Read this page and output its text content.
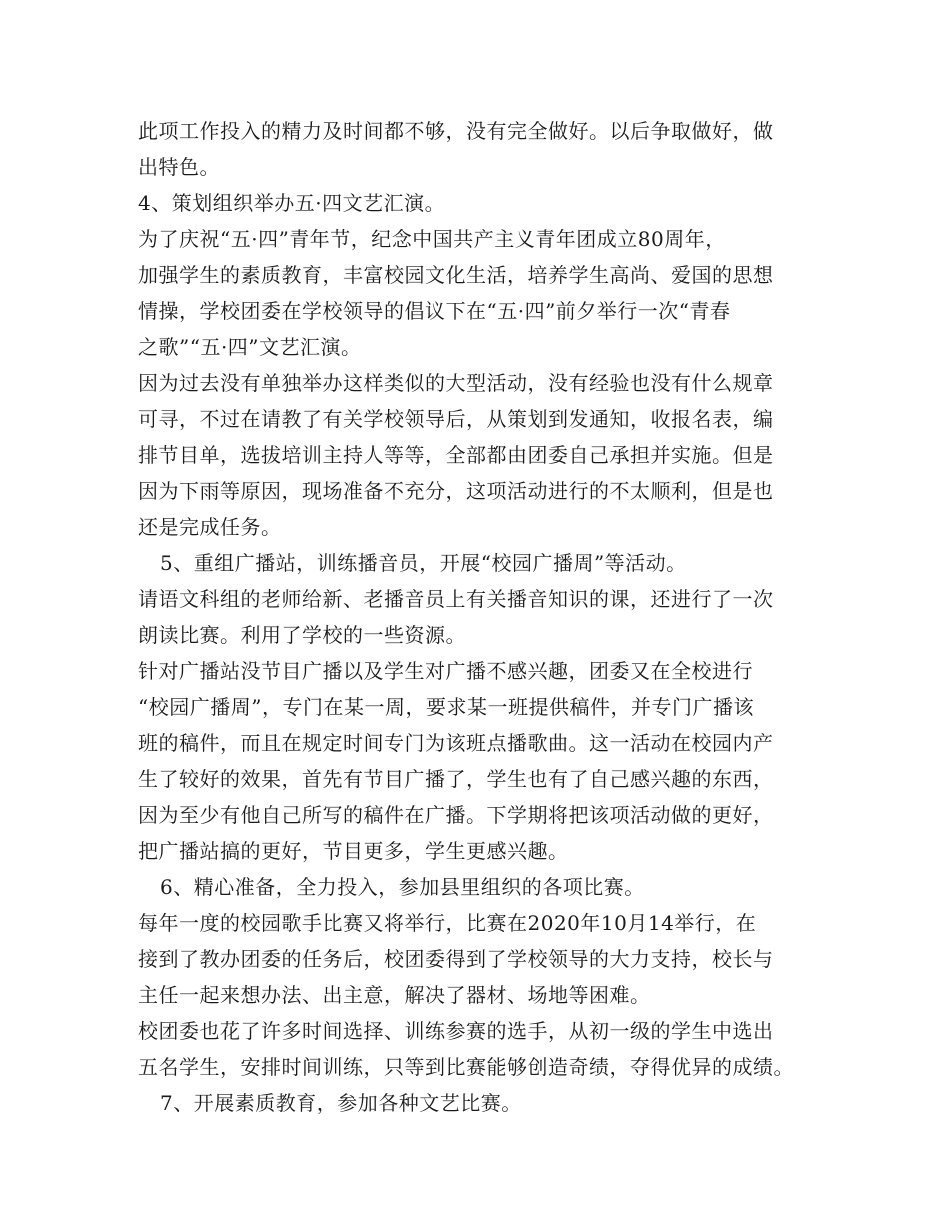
此项工作投入的精力及时间都不够，没有完全做好。以后争取做好，做
出特色。
4、策划组织举办五·四文艺汇演。
为了庆祝“五·四”青年节，纪念中国共产主义青年团成立80周年，
加强学生的素质教育，丰富校园文化生活，培养学生高尚、爱国的思想
情操，学校团委在学校领导的倡议下在“五·四”前夕举行一次“青春
之歌”“五·四”文艺汇演。
因为过去没有单独举办这样类似的大型活动，没有经验也没有什么规章
可寻，不过在请教了有关学校领导后，从策划到发通知，收报名表，编
排节目单，选拔培训主持人等等，全部都由团委自己承担并实施。但是
因为下雨等原因，现场准备不充分，这项活动进行的不太顺利，但是也
还是完成任务。
5、重组广播站，训练播音员，开展“校园广播周”等活动。
请语文科组的老师给新、老播音员上有关播音知识的课，还进行了一次
朗读比赛。利用了学校的一些资源。
针对广播站没节目广播以及学生对广播不感兴趣，团委又在全校进行
“校园广播周”，专门在某一周，要求某一班提供稿件，并专门广播该
班的稿件，而且在规定时间专门为该班点播歌曲。这一活动在校园内产
生了较好的效果，首先有节目广播了，学生也有了自己感兴趣的东西，
因为至少有他自己所写的稿件在广播。下学期将把该项活动做的更好，
把广播站搞的更好，节目更多，学生更感兴趣。
6、精心准备，全力投入，参加县里组织的各项比赛。
每年一度的校园歌手比赛又将举行，比赛在2020年10月14举行，在
接到了教办团委的任务后，校团委得到了学校领导的大力支持，校长与
主任一起来想办法、出主意，解决了器材、场地等困难。
校团委也花了许多时间选择、训练参赛的选手，从初一级的学生中选出
五名学生，安排时间训练，只等到比赛能够创造奇绩，夺得优异的成绩。
7、开展素质教育，参加各种文艺比赛。
